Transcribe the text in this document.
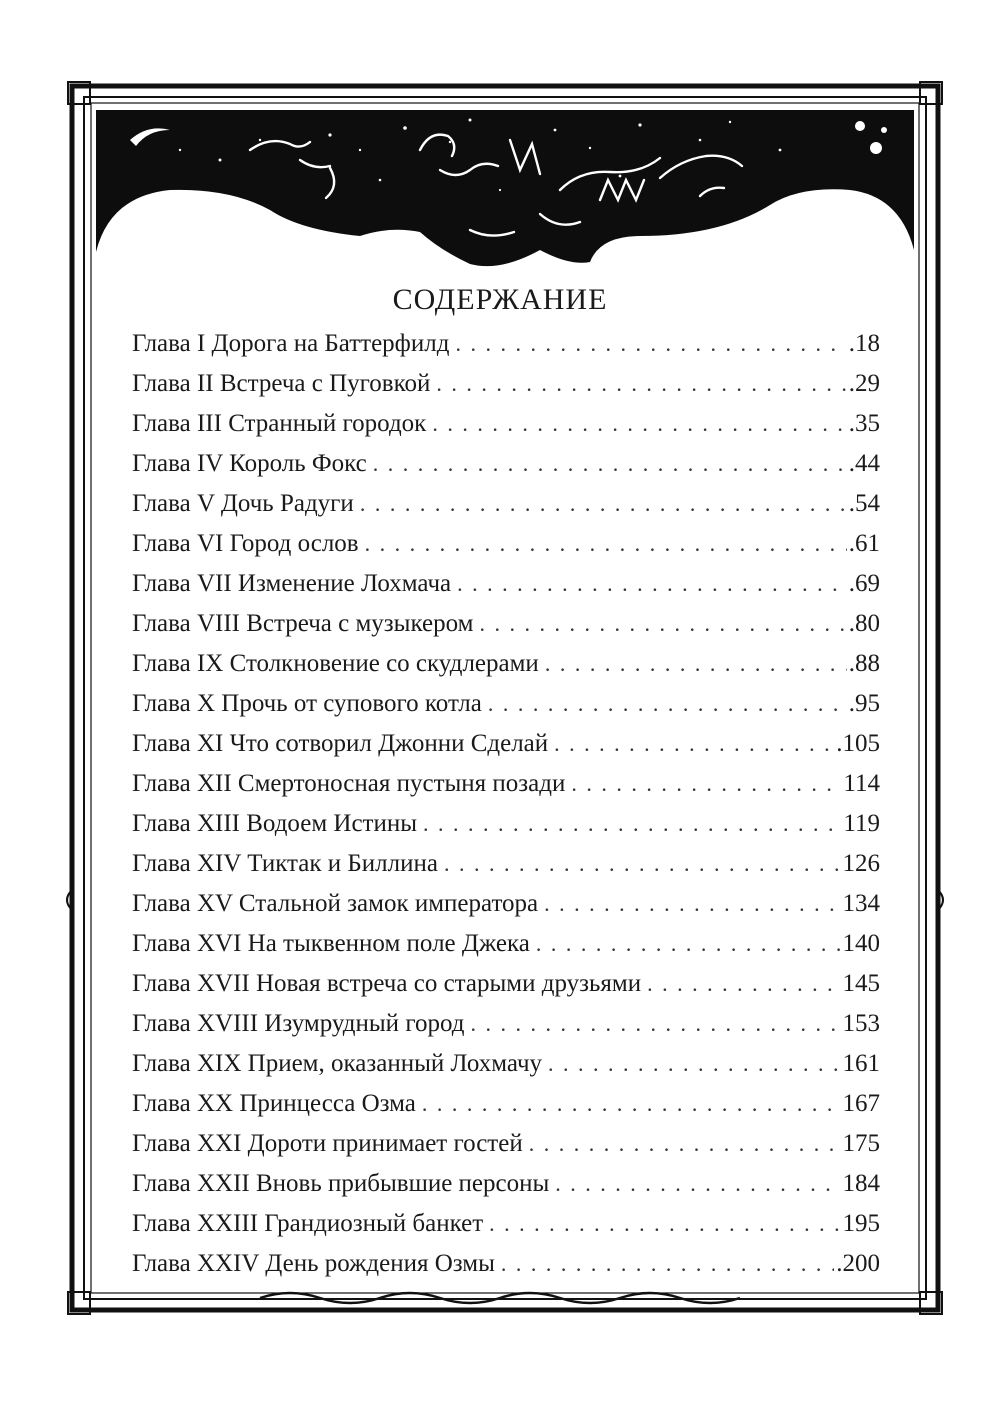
СОДЕРЖАНИЕ
Глава I Дорога на Баттерфилд . . .	.18
Глава II Встреча с Пуговкой . . .	.29
Глава III Странный городок . . .	.35
Глава IV Король Фокс . . .	.44
Глава V Дочь Радуги . . .	.54
Глава VI Город ослов . . .	.61
Глава VII Изменение Лохмача . . .	.69
Глава VIII Встреча с музыкером . . .	.80
Глава IX Столкновение со скудлерами . . .	.88
Глава X Прочь от супового котла . . .	.95
Глава XI Что сотворил Джонни Сделай . . .	.105
Глава XII Смертоносная пустыня позади . . .	114
Глава XIII Водоем Истины . . .	119
Глава XIV Тиктак и Биллина . . .	126
Глава XV Стальной замок императора . . .	134
Глава XVI На тыквенном поле Джека . . .	140
Глава XVII Новая встреча со старыми друзьями . . .	145
Глава XVIII Изумрудный город . . .	153
Глава XIX Прием, оказанный Лохмачу . . .	161
Глава XX Принцесса Озма . . .	167
Глава XXI Дороти принимает гостей . . .	175
Глава XXII Вновь прибывшие персоны . . .	184
Глава XXIII Грандиозный банкет . . .	195
Глава XXIV День рождения Озмы . . .	.200
